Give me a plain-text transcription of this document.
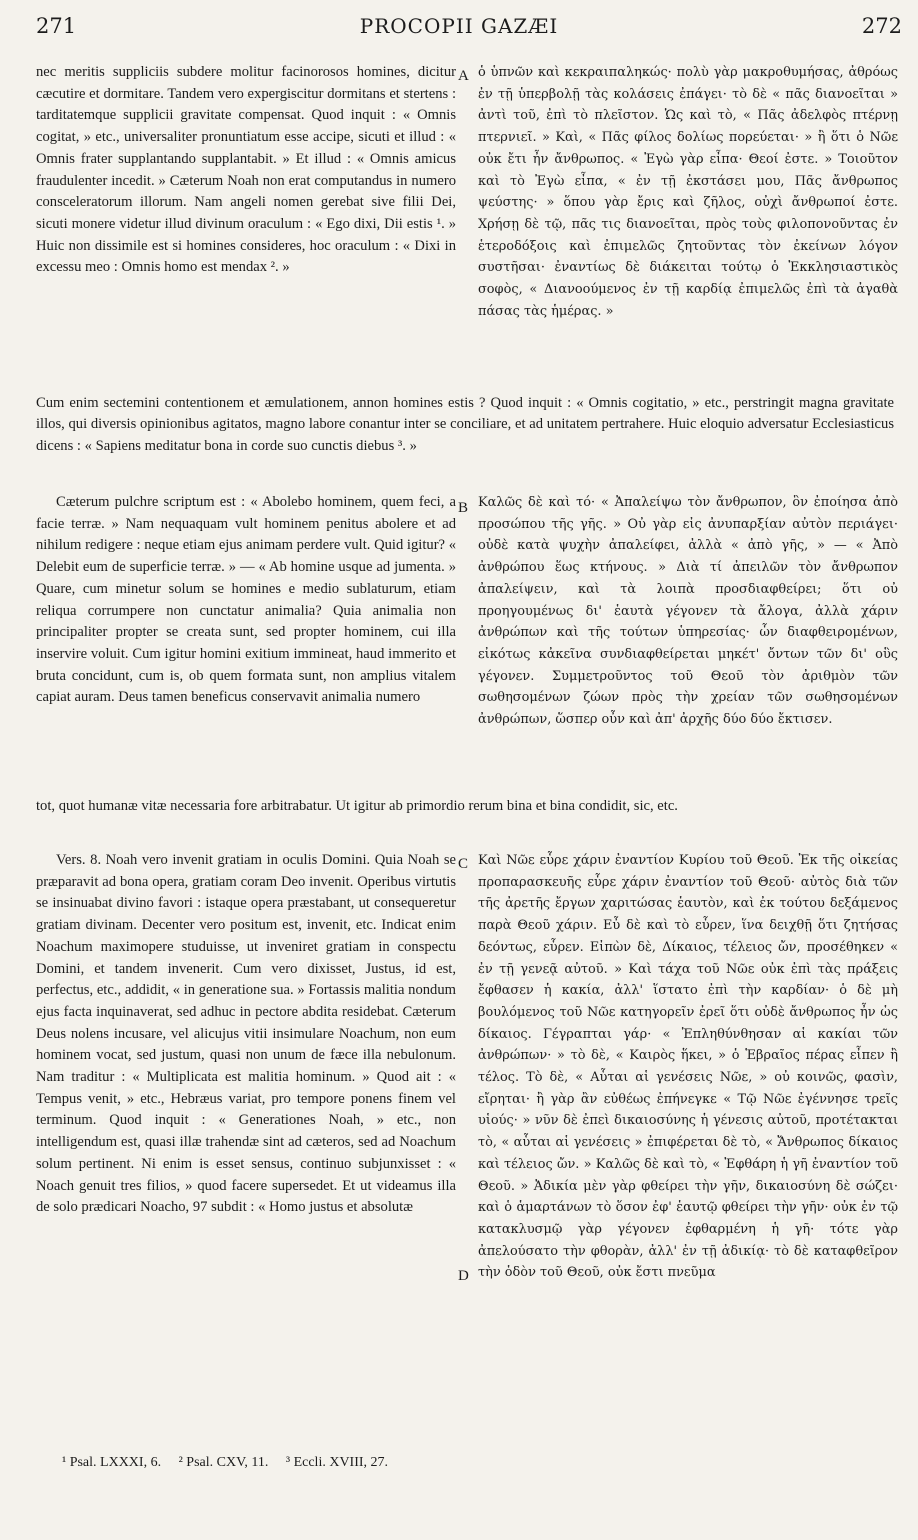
271	PROCOPII GAZÆI	272

nec meritis suppliciis subdere molitur facinorosos homines, dicitur cæcutire et dormitare. Tandem vero expergiscitur dormitans et stertens : tarditatemque supplicii gravitate compensat. Quod inquit : « Omnis cogitat, » etc., universaliter pronuntiatum esse accipe, sicuti et illud : « Omnis frater supplantando supplantabit. » Et illud : « Omnis amicus fraudulenter incedit. » Cæterum Noah non erat computandus in numero consceleratorum illorum. Nam angeli nomen gerebat sive filii Dei, sicuti monere videtur illud divinum oraculum : « Ego dixi, Dii estis ¹. » Huic non dissimile est si homines consideres, hoc oraculum : « Dixi in excessu meo : Omnis homo est mendax ². »

A ὁ ὑπνῶν καὶ κεκραιπαληκώς· πολὺ γὰρ μακροθυμήσας, ἀθρόως ἐν τῇ ὑπερβολῇ τὰς κολάσεις ἐπάγει· τὸ δὲ « πᾶς διανοεῖται » ἀντὶ τοῦ, ἐπὶ τὸ πλεῖστον. Ὡς καὶ τὸ, « Πᾶς ἀδελφὸς πτέρνῃ πτερνιεῖ. » Καὶ, « Πᾶς φίλος δολίως πορεύεται· » ἢ ὅτι ὁ Νῶε οὐκ ἔτι ἦν ἄνθρωπος. « Ἐγὼ γὰρ εἶπα· Θεοί ἐστε. » Τοιοῦτον καὶ τὸ Ἐγὼ εἶπα, « ἐν τῇ ἐκστάσει μου, Πᾶς ἄνθρωπος ψεύστης· » ὅπου γὰρ ἔρις καὶ ζῆλος, οὐχὶ ἄνθρωποί ἐστε. Χρήσῃ δὲ τῷ, πᾶς τις διανοεῖται, πρὸς τοὺς φιλοπονοῦντας ἐν ἑτεροδόξοις καὶ ἐπιμελῶς ζητοῦντας τὸν ἐκείνων λόγον συστῆσαι· ἐναντίως δὲ διάκειται τούτῳ ὁ Ἐκκλησιαστικὸς σοφὸς, « Διανοούμενος ἐν τῇ καρδίᾳ ἐπιμελῶς ἐπὶ τὰ ἀγαθὰ πάσας τὰς ἡμέρας. »

Cum enim sectemini contentionem et æmulationem, annon homines estis ? Quod inquit : « Omnis cogitatio, » etc., perstringit magna gravitate illos, qui diversis opinionibus agitatos, magno labore conantur inter se conciliare, et ad unitatem pertrahere. Huic eloquio adversatur Ecclesiasticus dicens : « Sapiens meditatur bona in corde suo cunctis diebus ³. »

Cæterum pulchre scriptum est : « Abolebo hominem, quem feci, a facie terræ. » Nam nequaquam vult hominem penitus abolere et ad nihilum redigere : neque etiam ejus animam perdere vult. Quid igitur? « Delebit eum de superficie terræ. » — « Ab homine usque ad jumenta. » Quare, cum minetur solum se homines e medio sublaturum, etiam reliqua corrumpere non cunctatur animalia? Quia animalia non principaliter propter se creata sunt, sed propter hominem, cui illa inservire voluit. Cum igitur homini exitium immineat, haud immerito et bruta concidunt, cum is, ob quem formata sunt, non amplius vitalem capiat auram. Deus tamen beneficus conservavit animalia numero

B Καλῶς δὲ καὶ τό· « Ἀπαλείψω τὸν ἄνθρωπον, ὃν ἐποίησα ἀπὸ προσώπου τῆς γῆς. » Οὐ γὰρ εἰς ἀνυπαρξίαν αὐτὸν περιάγει· οὐδὲ κατὰ ψυχὴν ἀπαλείφει, ἀλλὰ « ἀπὸ γῆς, » — « Ἀπὸ ἀνθρώπου ἕως κτήνους. » Διὰ τί ἀπειλῶν τὸν ἄνθρωπον ἀπαλείψειν, καὶ τὰ λοιπὰ προσδιαφθείρει; ὅτι οὐ προηγουμένως δι' ἑαυτὰ γέγονεν τὰ ἄλογα, ἀλλὰ χάριν ἀνθρώπων καὶ τῆς τούτων ὑπηρεσίας· ὧν διαφθειρομένων, εἰκότως κἀκεῖνα συνδιαφθείρεται μηκέτ' ὄντων τῶν δι' οὓς γέγονεν. Συμμετροῦντος τοῦ Θεοῦ τὸν ἀριθμὸν τῶν σωθησομένων ζώων πρὸς τὴν χρείαν τῶν σωθησομένων ἀνθρώπων, ὥσπερ οὖν καὶ ἀπ' ἀρχῆς δύο δύο ἔκτισεν.

tot, quot humanæ vitæ necessaria fore arbitrabatur. Ut igitur ab primordio rerum bina et bina condidit, sic, etc.

Vers. 8. Noah vero invenit gratiam in oculis Domini. Quia Noah se præparavit ad bona opera, gratiam coram Deo invenit. Operibus virtutis se insinuabat divino favori : istaque opera præstabant, ut consequeretur gratiam divinam. Decenter vero positum est, invenit, etc. Indicat enim Noachum maximopere studuisse, ut inveniret gratiam in conspectu Domini, et tandem invenerit. Cum vero dixisset, Justus, id est, perfectus, etc., addidit, « in generatione sua. » Fortassis malitia nondum ejus facta inquinaverat, sed adhuc in pectore abdita residebat. Cæterum Deus nolens incusare, vel alicujus vitii insimulare Noachum, non eum hominem vocat, sed justum, quasi non unum de fæce illa nebulonum. Nam traditur : « Multiplicata est malitia hominum. » Quod ait : « Tempus venit, » etc., Hebræus variat, pro tempore ponens finem vel terminum. Quod inquit : « Generationes Noah, » etc., non intelligendum est, quasi illæ trahendæ sint ad cæteros, sed ad Noachum solum pertinent. Ni enim is esset sensus, continuo subjunxisset : « Noach genuit tres filios, » quod facere supersedet. Et ut videamus illa de solo prædicari Noacho, 97 subdit : « Homo justus et absolutæ

C
D

Καὶ Νῶε εὗρε χάριν ἐναντίον Κυρίου τοῦ Θεοῦ. Ἐκ τῆς οἰκείας προπαρασκευῆς εὗρε χάριν ἐναντίον τοῦ Θεοῦ· αὐτὸς διὰ τῶν τῆς ἀρετῆς ἔργων χαριτώσας ἑαυτὸν, καὶ ἐκ τούτου δεξάμενος παρὰ Θεοῦ χάριν. Εὖ δὲ καὶ τὸ εὗρεν, ἵνα δειχθῇ ὅτι ζητήσας δεόντως, εὗρεν. Εἰπὼν δὲ, Δίκαιος, τέλειος ὤν, προσέθηκεν « ἐν τῇ γενεᾷ αὐτοῦ. » Καὶ τάχα τοῦ Νῶε οὐκ ἐπὶ τὰς πράξεις ἔφθασεν ἡ κακία, ἀλλ' ἵστατο ἐπὶ τὴν καρδίαν· ὁ δὲ μὴ βουλόμενος τοῦ Νῶε κατηγορεῖν ἐρεῖ ὅτι οὐδὲ ἄνθρωπος ἦν ὡς δίκαιος. Γέγραπται γάρ· « Ἐπληθύνθησαν αἱ κακίαι τῶν ἀνθρώπων· » τὸ δὲ, « Καιρὸς ἥκει, » ὁ Ἑβραῖος πέρας εἶπεν ἢ τέλος. Τὸ δὲ, « Αὗται αἱ γενέσεις Νῶε, » οὐ κοινῶς, φασὶν, εἴρηται· ἢ γὰρ ἂν εὐθέως ἐπήνεγκε « Τῷ Νῶε ἐγέννησε τρεῖς υἱούς· » νῦν δὲ ἐπεὶ δικαιοσύνης ἡ γένεσις αὐτοῦ, προτέτακται τὸ, « αὗται αἱ γενέσεις » ἐπιφέρεται δὲ τὸ, « Ἄνθρωπος δίκαιος καὶ τέλειος ὤν. » Καλῶς δὲ καὶ τὸ, « Ἐφθάρη ἡ γῆ ἐναντίον τοῦ Θεοῦ. » Ἀδικία μὲν γὰρ φθείρει τὴν γῆν, δικαιοσύνη δὲ σώζει· καὶ ὁ ἁμαρτάνων τὸ ὅσον ἐφ' ἑαυτῷ φθείρει τὴν γῆν· οὐκ ἐν τῷ κατακλυσμῷ γὰρ γέγονεν ἐφθαρμένη ἡ γῆ· τότε γὰρ ἀπελούσατο τὴν φθορὰν, ἀλλ' ἐν τῇ ἀδικίᾳ· τὸ δὲ καταφθεῖρον τὴν ὁδὸν τοῦ Θεοῦ, οὐκ ἔστι πνεῦμα

¹ Psal. LXXXI, 6. ² Psal. CXV, 11. ³ Eccli. XVIII, 27.
